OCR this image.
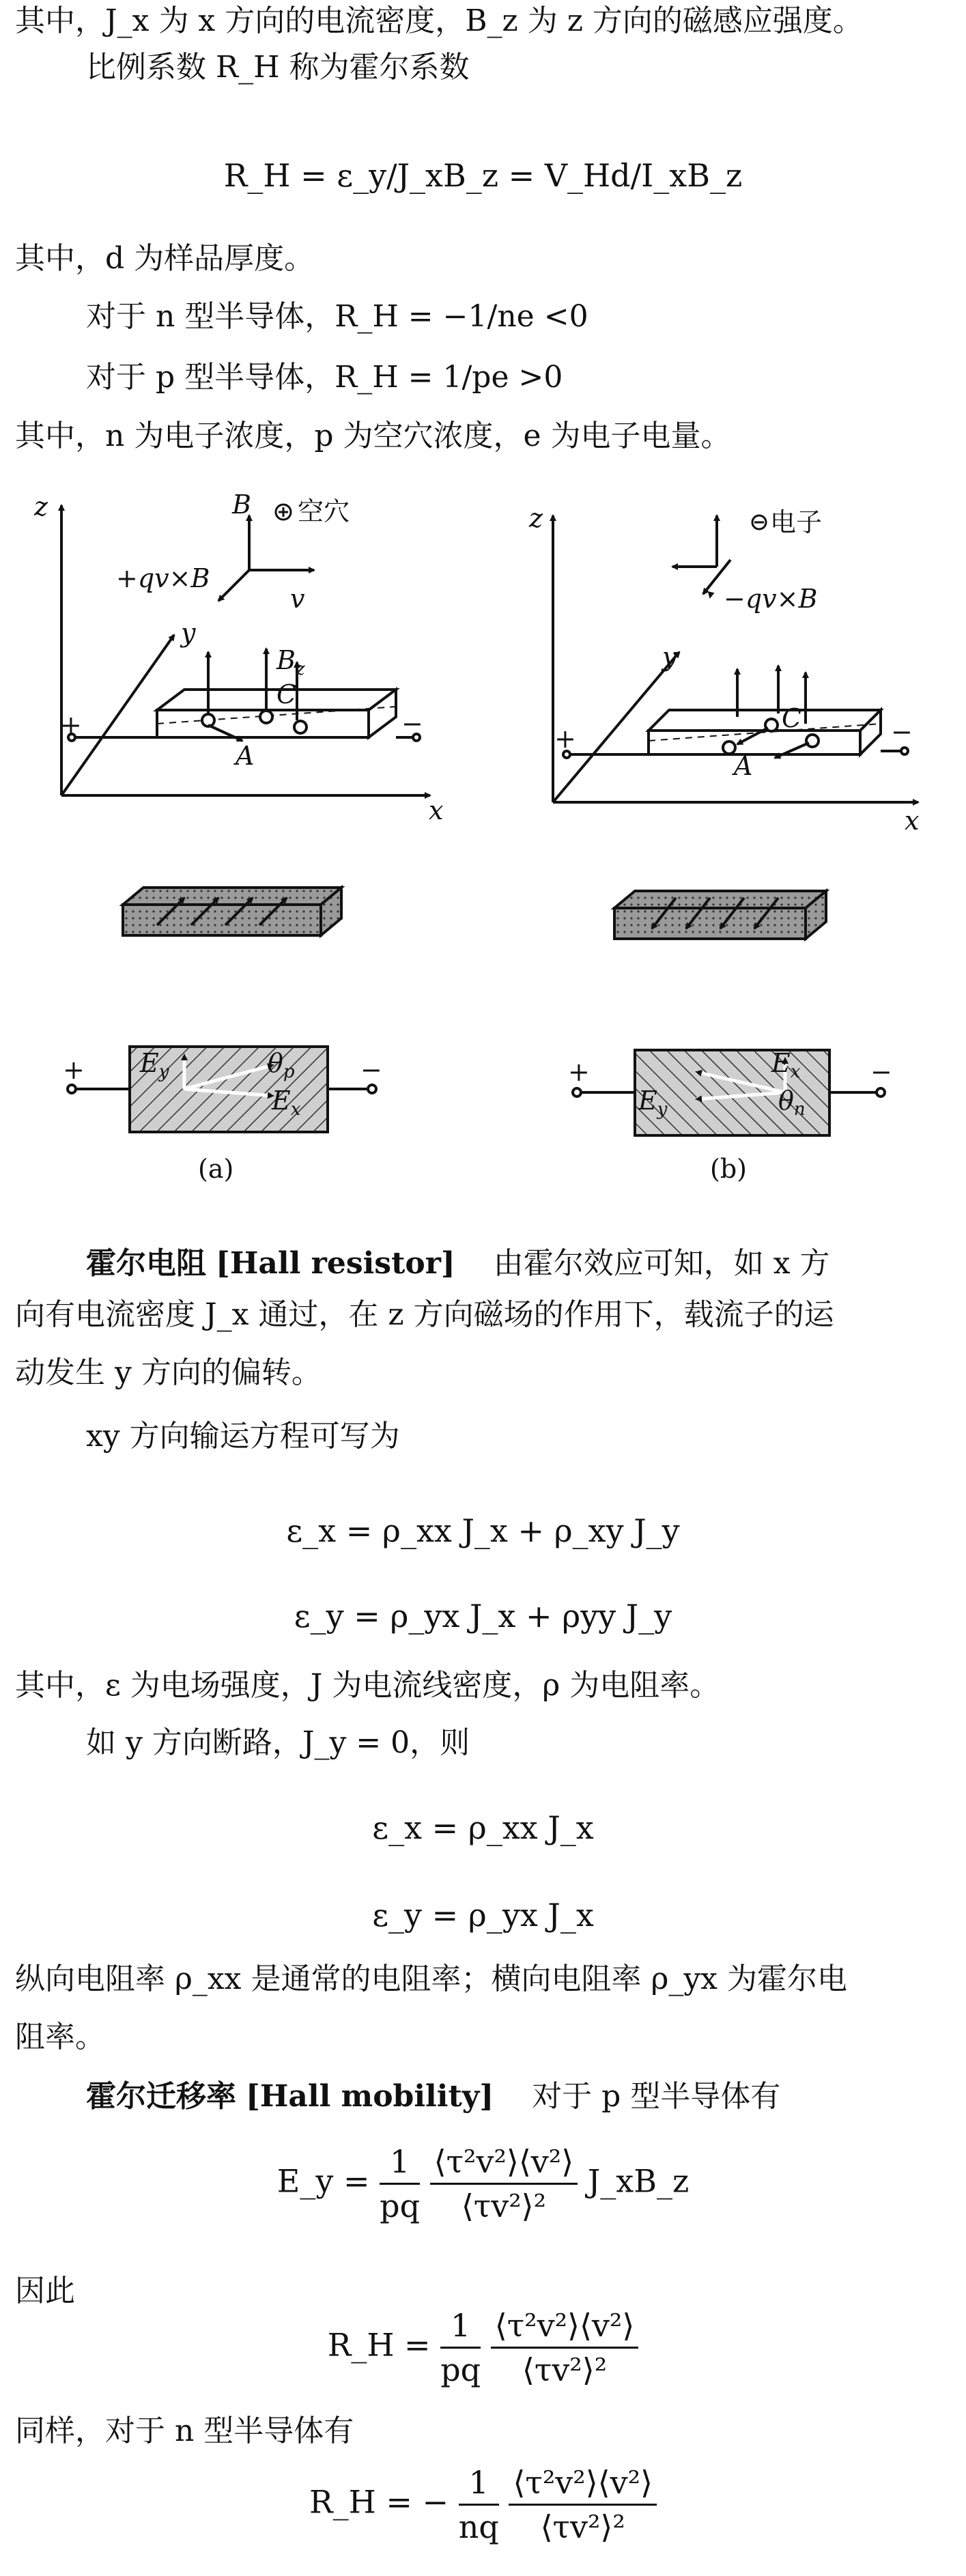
其中，J_x 为 x 方向的电流密度，B_z 为 z 方向的磁感应强度。
比例系数 R_H 称为霍尔系数
R_H = ε_y/J_xB_z = V_Hd/I_xB_z
其中，d 为样品厚度。
对于 n 型半导体，R_H = −1/ne <0
对于 p 型半导体，R_H = 1/pe >0
其中，n 为电子浓度，p 为空穴浓度，e 为电子电量。
z
y
x
B 空穴
+qv×B
v
$B_z$
C
A
+	−
+	−
$E_y$	$\theta_p$
$E_x$
(a)
z
y
x
电子
−qv×B
C
A
+	−
+	−
$E_x$
$E_y$	$\theta_n$
(b)
霍尔电阻 [Hall resistor] 由霍尔效应可知，如 x 方
向有电流密度 J_x 通过，在 z 方向磁场的作用下，载流子的运
动发生 y 方向的偏转。
xy 方向输运方程可写为
ε_x = ρ_xx J_x + ρ_xy J_y
ε_y = ρ_yx J_x + ρyy J_y
其中，ε 为电场强度，J 为电流线密度，ρ 为电阻率。
如 y 方向断路，J_y = 0，则
ε_x = ρ_xx J_x
ε_y = ρ_yx J_x
纵向电阻率 ρ_xx 是通常的电阻率；横向电阻率 ρ_yx 为霍尔电
阻率。
霍尔迁移率 [Hall mobility] 对于 p 型半导体有
E_y = $\frac{1}{pq}$
$\frac{\text{⟨τ²v²⟩⟨v²⟩}}{\text{⟨τv²⟩²}}$ J_xB_z
因此
R_H = $\frac{1}{pq}$
$\frac{\text{⟨τ²v²⟩⟨v²⟩}}{\text{⟨τv²⟩²}}$
同样，对于 n 型半导体有
R_H = − $\frac{1}{nq}$
$\frac{\text{⟨τ²v²⟩⟨v²⟩}}{\text{⟨τv²⟩²}}$
